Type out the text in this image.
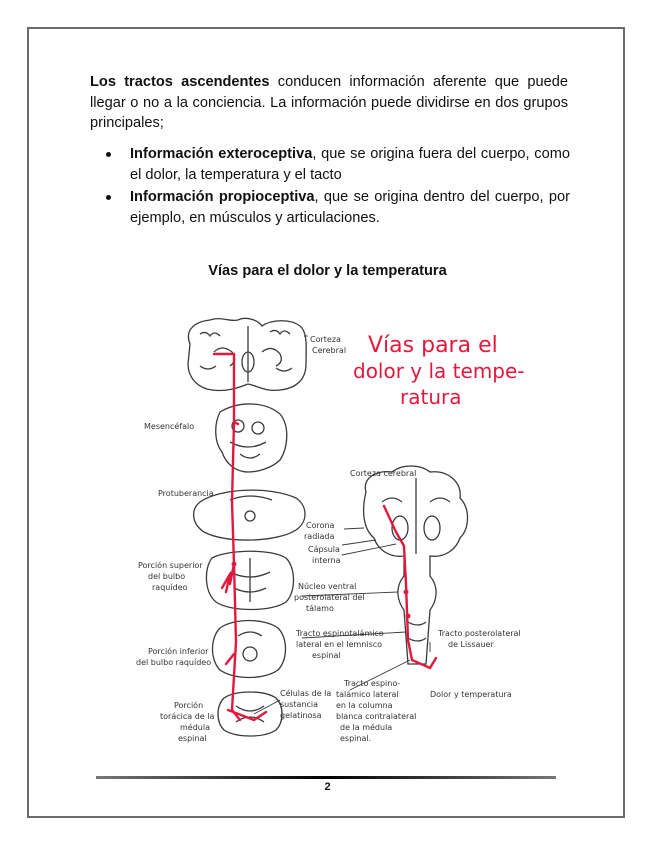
Los tractos ascendentes conducen información aferente que puede llegar o no a la conciencia. La información puede dividirse en dos grupos principales;

Información exteroceptiva, que se origina fuera del cuerpo, como el dolor, la temperatura y el tacto
Información propioceptiva, que se origina dentro del cuerpo, por ejemplo, en músculos y articulaciones.
Vías para el dolor y la temperatura
Vías para el
dolor y la tempe-
ratura
Corteza
Cerebral
Mesencéfalo
Protuberancia
Porción superior
del bulbo
raquídeo
Porción inferior
del bulbo raquídeo
Porción
torácica de la
médula
espinal
Células de la
sustancia
gelatinosa
Corteza cerebral
Corona
radiada
Cápsula
interna
Núcleo ventral
posterolateral del
tálamo
Tracto espinotalámico
lateral en el lemnisco
espinal
Tracto posterolateral
de Lissauer
Tracto espino-
talámico lateral
en la columna
blanca contralateral
de la médula
espinal.
Dolor y temperatura
2
